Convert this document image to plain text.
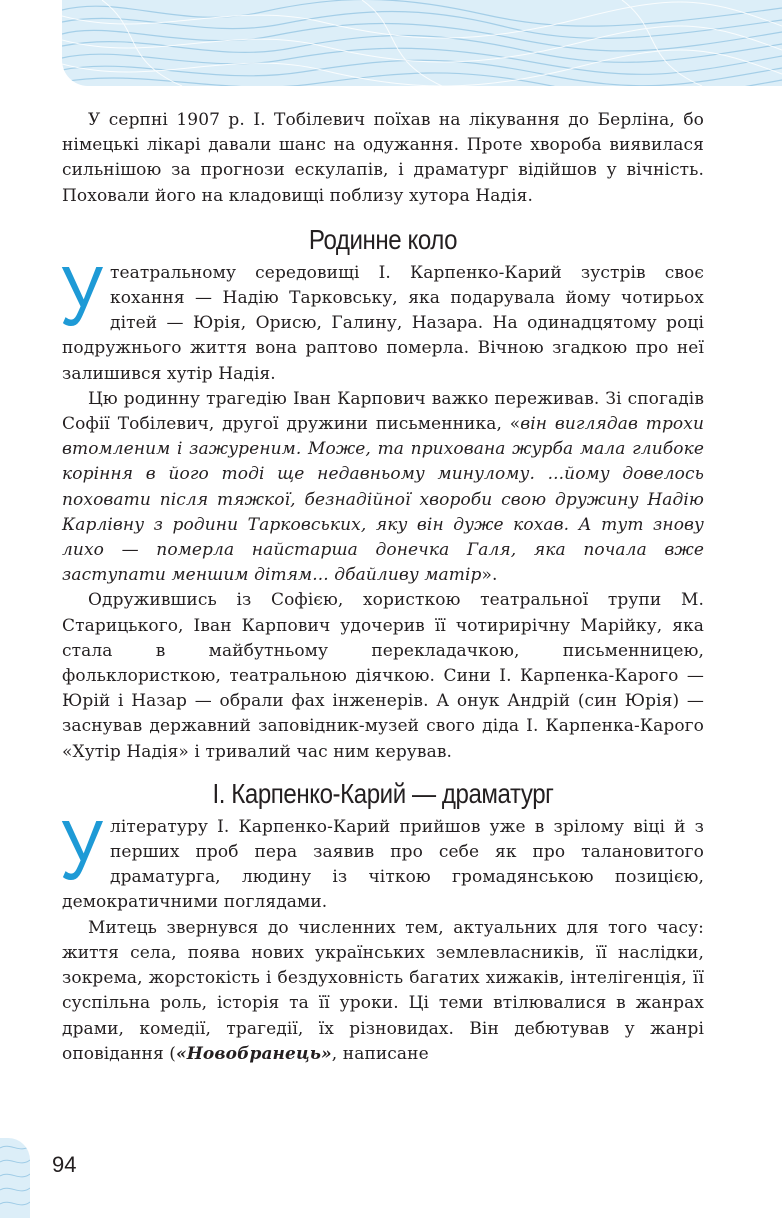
У серпні 1907 р. І. Тобілевич поїхав на лікування до Берліна, бо німецькі лікарі давали шанс на одужання. Проте хвороба виявилася сильнішою за прогнози ескулапів, і драматург відійшов у вічність. Поховали його на кладовищі поблизу хутора Надія.

Родинне коло

Утеатральному середовищі І. Карпенко-Карий зустрів своє кохання — Надію Тарковську, яка подарувала йому чотирьох дітей — Юрія, Орисю, Галину, Назара. На одинадцятому році подружнього життя вона раптово померла. Вічною згадкою про неї залишився хутір Надія.

Цю родинну трагедію Іван Карпович важко переживав. Зі спогадів Софії Тобілевич, другої дружини письменника, «він виглядав трохи втомленим і зажуреним. Може, та прихована журба мала глибоке коріння в його тоді ще недавньому минулому. ...йому довелось поховати після тяжкої, безнадійної хвороби свою дружину Надію Карлівну з родини Тарковських, яку він дуже кохав. А тут знову лихо — померла найстарша донечка Галя, яка почала вже заступати меншим дітям... дбайливу матір».

Одружившись із Софією, хористкою театральної трупи М. Старицького, Іван Карпович удочерив її чотирирічну Марійку, яка стала в майбутньому перекладачкою, письменницею, фольклористкою, театральною діячкою. Сини І. Карпенка-Карого — Юрій і Назар — обрали фах інженерів. А онук Андрій (син Юрія) — заснував державний заповідник-музей свого діда І. Карпенка-Карого «Хутір Надія» і тривалий час ним керував.

І. Карпенко-Карий — драматург

Улітературу І. Карпенко-Карий прийшов уже в зрілому віці й з перших проб пера заявив про себе як про талановитого драматурга, людину із чіткою громадянською позицією, демократичними поглядами.

Митець звернувся до численних тем, актуальних для того часу: життя села, поява нових українських землевласників, її наслідки, зокрема, жорстокість і бездуховність багатих хижаків, інтелігенція, її суспільна роль, історія та її уроки. Ці теми втілювалися в жанрах драми, комедії, трагедії, їх різновидах. Він дебютував у жанрі оповідання («Новобранець», написане

94
